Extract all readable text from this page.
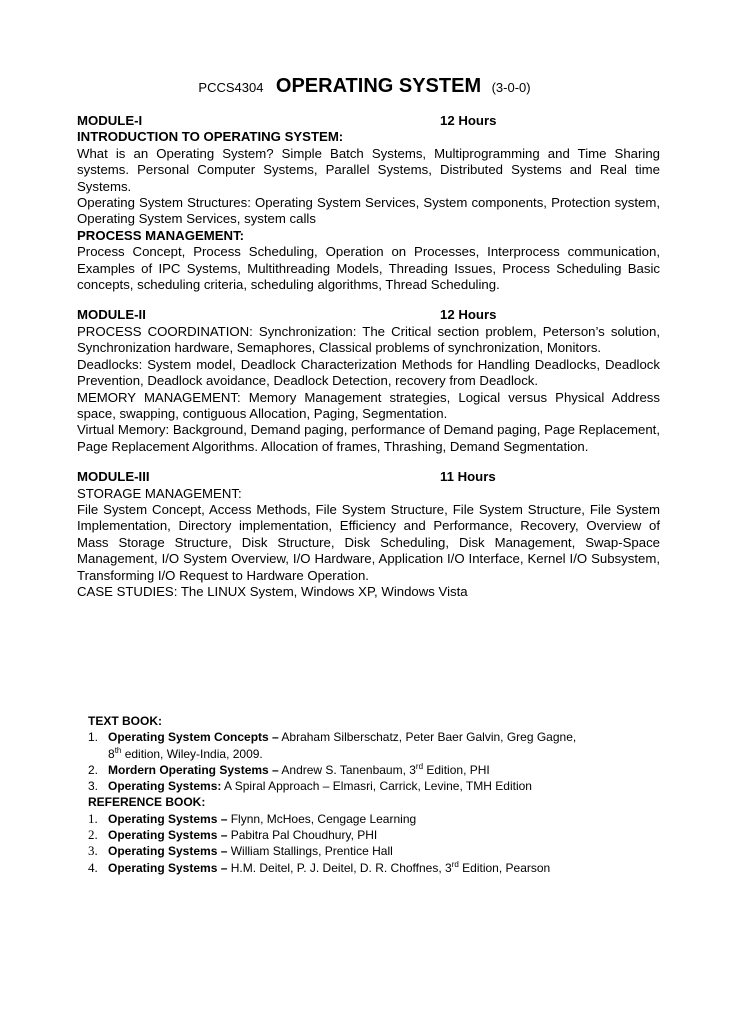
PCCS4304 OPERATING SYSTEM (3-0-0)
MODULE-I	12 Hours

INTRODUCTION TO OPERATING SYSTEM:

What is an Operating System? Simple Batch Systems, Multiprogramming and Time Sharing systems. Personal Computer Systems, Parallel Systems, Distributed Systems and Real time Systems.

Operating System Structures: Operating System Services, System components, Protection system, Operating System Services, system calls

PROCESS MANAGEMENT:

Process Concept, Process Scheduling, Operation on Processes, Interprocess communication, Examples of IPC Systems, Multithreading Models, Threading Issues, Process Scheduling Basic concepts, scheduling criteria, scheduling algorithms, Thread Scheduling.

MODULE-II	12 Hours

PROCESS COORDINATION: Synchronization: The Critical section problem, Peterson’s solution, Synchronization hardware, Semaphores, Classical problems of synchronization, Monitors.

Deadlocks: System model, Deadlock Characterization Methods for Handling Deadlocks, Deadlock Prevention, Deadlock avoidance, Deadlock Detection, recovery from Deadlock.

MEMORY MANAGEMENT: Memory Management strategies, Logical versus Physical Address space, swapping, contiguous Allocation, Paging, Segmentation.

Virtual Memory: Background, Demand paging, performance of Demand paging, Page Replacement, Page Replacement Algorithms. Allocation of frames, Thrashing, Demand Segmentation.

MODULE-III	11 Hours

STORAGE MANAGEMENT:

File System Concept, Access Methods, File System Structure, File System Structure, File System Implementation, Directory implementation, Efficiency and Performance, Recovery, Overview of Mass Storage Structure, Disk Structure, Disk Scheduling, Disk Management, Swap-Space Management, I/O System Overview, I/O Hardware, Application I/O Interface, Kernel I/O Subsystem, Transforming I/O Request to Hardware Operation.

CASE STUDIES: The LINUX System, Windows XP, Windows Vista

TEXT BOOK:
1. Operating System Concepts – Abraham Silberschatz, Peter Baer Galvin, Greg Gagne,
8th edition, Wiley-India, 2009.
2. Mordern Operating Systems – Andrew S. Tanenbaum, 3rd Edition, PHI
3. Operating Systems: A Spiral Approach – Elmasri, Carrick, Levine, TMH Edition
REFERENCE BOOK:
1. Operating Systems – Flynn, McHoes, Cengage Learning
2. Operating Systems – Pabitra Pal Choudhury, PHI
3. Operating Systems – William Stallings, Prentice Hall
4. Operating Systems – H.M. Deitel, P. J. Deitel, D. R. Choffnes, 3rd Edition, Pearson
